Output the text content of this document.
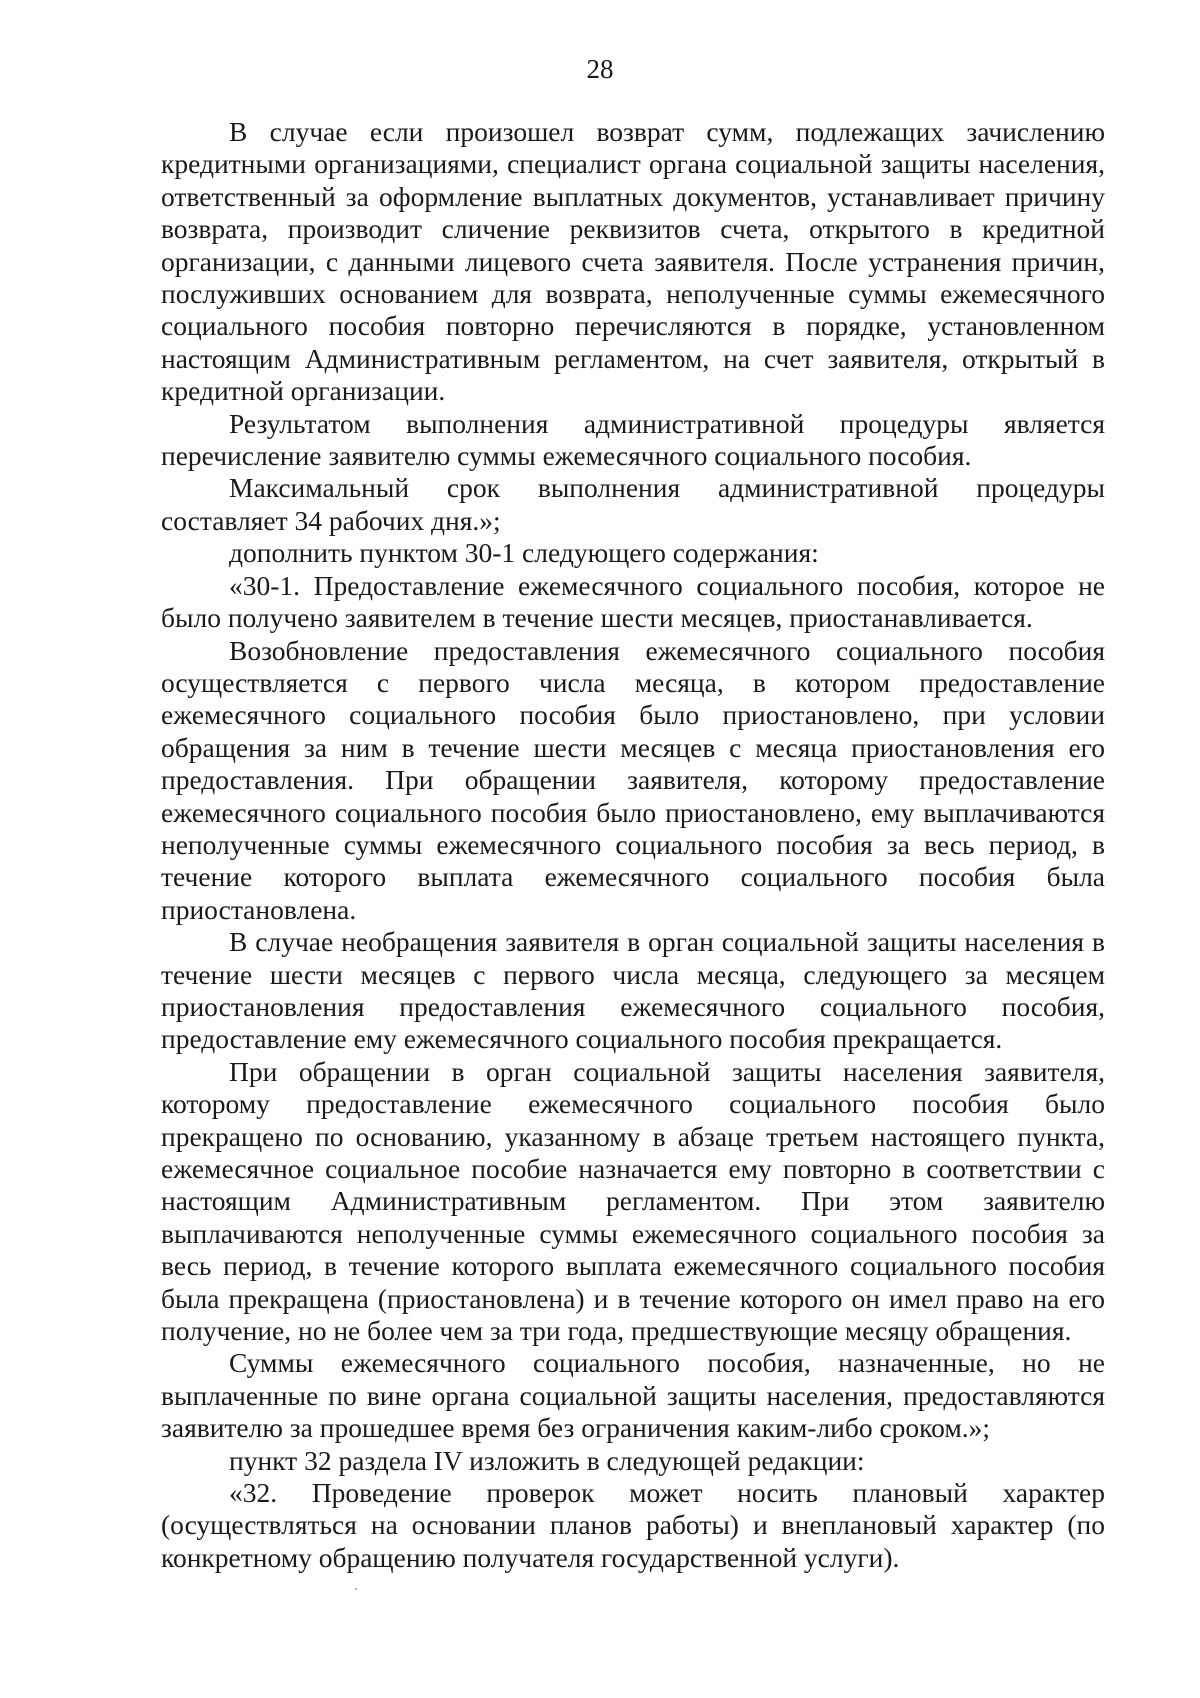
28

В случае если произошел возврат сумм, подлежащих зачислению кредитными организациями, специалист органа социальной защиты населения, ответственный за оформление выплатных документов, устанавливает причину возврата, производит сличение реквизитов счета, открытого в кредитной организации, с данными лицевого счета заявителя. После устранения причин, послуживших основанием для возврата, неполученные суммы ежемесячного социального пособия повторно перечисляются в порядке, установленном настоящим Административным регламентом, на счет заявителя, открытый в кредитной организации.

Результатом выполнения административной процедуры является перечисление заявителю суммы ежемесячного социального пособия.

Максимальный срок выполнения административной процедуры составляет 34 рабочих дня.»;

дополнить пунктом 30-1 следующего содержания:

«30-1. Предоставление ежемесячного социального пособия, которое не было получено заявителем в течение шести месяцев, приостанавливается.

Возобновление предоставления ежемесячного социального пособия осуществляется с первого числа месяца, в котором предоставление ежемесячного социального пособия было приостановлено, при условии обращения за ним в течение шести месяцев с месяца приостановления его предоставления. При обращении заявителя, которому предоставление ежемесячного социального пособия было приостановлено, ему выплачиваются неполученные суммы ежемесячного социального пособия за весь период, в течение которого выплата ежемесячного социального пособия была приостановлена.

В случае необращения заявителя в орган социальной защиты населения в течение шести месяцев с первого числа месяца, следующего за месяцем приостановления предоставления ежемесячного социального пособия, предоставление ему ежемесячного социального пособия прекращается.

При обращении в орган социальной защиты населения заявителя, которому предоставление ежемесячного социального пособия было прекращено по основанию, указанному в абзаце третьем настоящего пункта, ежемесячное социальное пособие назначается ему повторно в соответствии с настоящим Административным регламентом. При этом заявителю выплачиваются неполученные суммы ежемесячного социального пособия за весь период, в течение которого выплата ежемесячного социального пособия была прекращена (приостановлена) и в течение которого он имел право на его получение, но не более чем за три года, предшествующие месяцу обращения.

Суммы ежемесячного социального пособия, назначенные, но не выплаченные по вине органа социальной защиты населения, предоставляются заявителю за прошедшее время без ограничения каким-либо сроком.»;

пункт 32 раздела IV изложить в следующей редакции:

«32. Проведение проверок может носить плановый характер (осуществляться на основании планов работы) и внеплановый характер (по конкретному обращению получателя государственной услуги).
